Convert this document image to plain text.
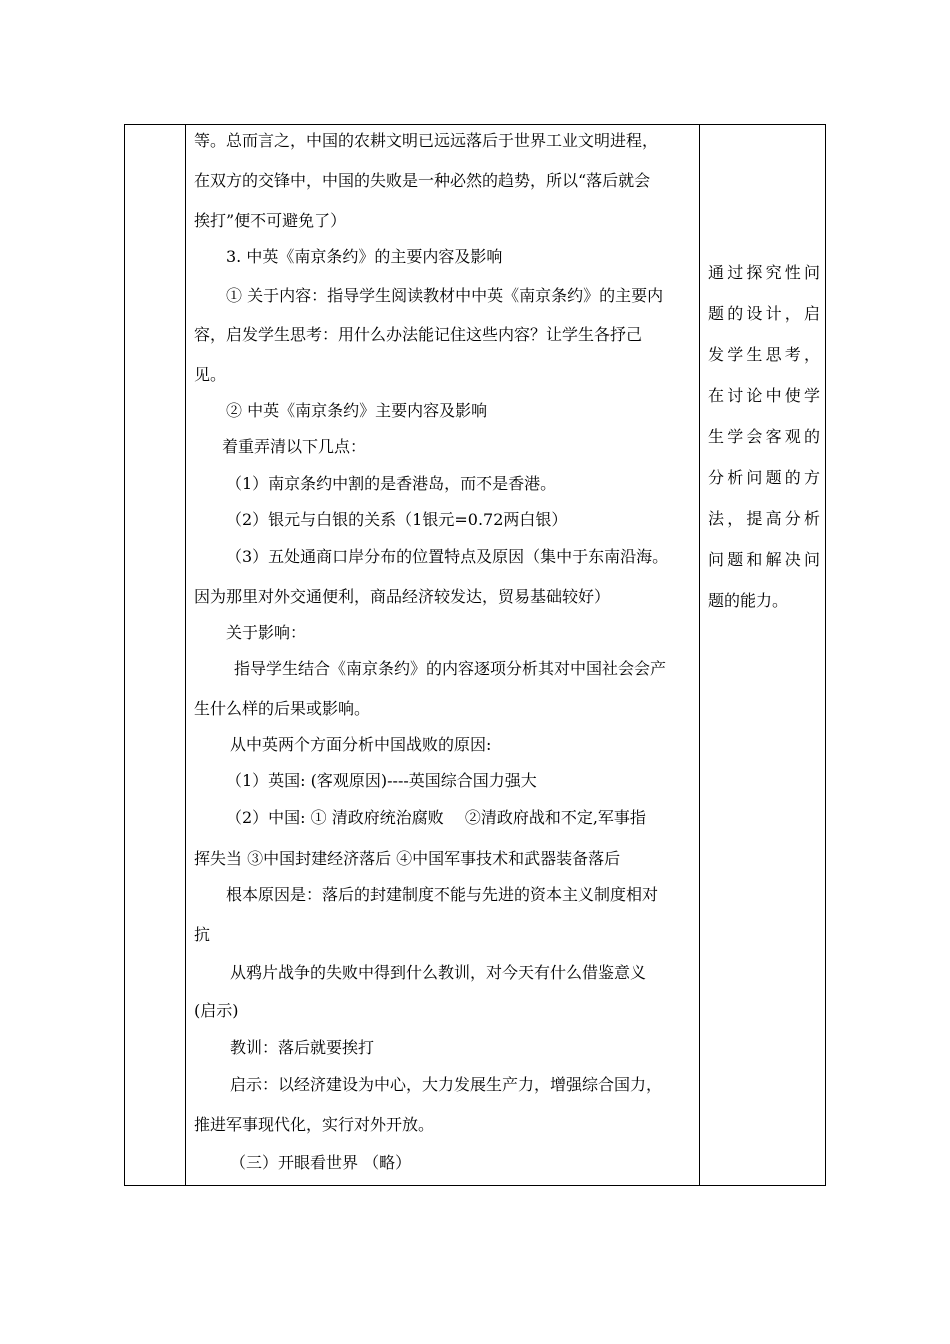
等。总而言之，中国的农耕文明已远远落后于世界工业文明进程，
在双方的交锋中，中国的失败是一种必然的趋势，所以“落后就会
挨打”便不可避免了）
3. 中英《南京条约》的主要内容及影响
① 关于内容：指导学生阅读教材中中英《南京条约》的主要内
容，启发学生思考：用什么办法能记住这些内容？让学生各抒己
见。
② 中英《南京条约》主要内容及影响
着重弄清以下几点：
（1）南京条约中割的是香港岛，而不是香港。
（2）银元与白银的关系（1银元=0.72两白银）
（3）五处通商口岸分布的位置特点及原因（集中于东南沿海。
因为那里对外交通便利，商品经济较发达，贸易基础较好）
关于影响：
指导学生结合《南京条约》的内容逐项分析其对中国社会会产
生什么样的后果或影响。
从中英两个方面分析中国战败的原因:
（1）英国: (客观原因)----英国综合国力强大
（2）中国: ① 清政府统治腐败　 ②清政府战和不定,军事指
挥失当 ③中国封建经济落后 ④中国军事技术和武器装备落后
根本原因是：落后的封建制度不能与先进的资本主义制度相对
抗
从鸦片战争的失败中得到什么教训，对今天有什么借鉴意义
(启示)
教训：落后就要挨打
启示：以经济建设为中心，大力发展生产力，增强综合国力，
推进军事现代化，实行对外开放。
（三）开眼看世界 （略）
通 过 探 究 性 问
题 的 设 计 ， 启
发 学 生 思 考 ，
在 讨 论 中 使 学
生 学 会 客 观 的
分 析 问 题 的 方
法 ， 提 高 分 析
问 题 和 解 决 问
题的能力。
